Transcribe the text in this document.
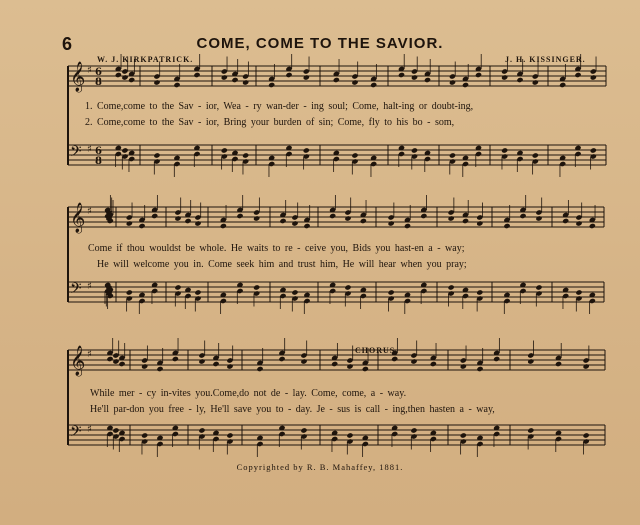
6	COME, COME TO THE SAVIOR.
W. J. KIRKPATRICK.	J. H. KISSINGER.
𝄞 ♯
𝄢 ♯
6
8
6
8
𝄞 ♯
𝄢 ♯
𝄞 ♯
𝄢 ♯
1. Come,come to the Sav - ior, Wea - ry wan-der - ing soul; Come, halt-ing or doubt-ing,
2. Come,come to the Sav - ior, Bring your burden of sin; Come, fly to his bo - som,
Come if thou wouldst be whole. He waits to re - ceive you, Bids you hast-en a - way;
He will welcome you in. Come seek him and trust him, He will hear when you pray;
CHORUS.
While mer - cy in-vites you.Come,do not de - lay. Come, come, a - way.
He'll par-don you free - ly, He'll save you to - day. Je - sus is call - ing,then hasten a - way,
Copyrighted by R. B. Mahaffey, 1881.
